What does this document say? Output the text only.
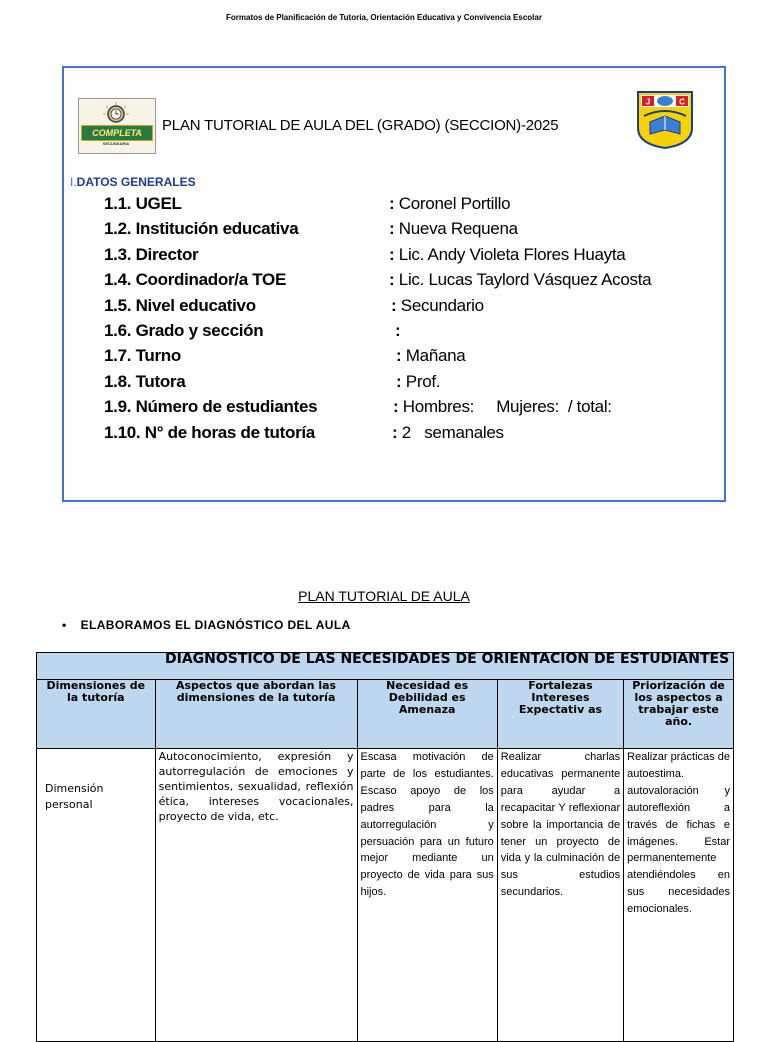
Formatos de Planificación de Tutoría, Orientación Educativa y Convivencia Escolar
COMPLETA
SECUNDARIA
PLAN TUTORIAL DE AULA DEL (GRADO) (SECCION)-2025
J	C
I.DATOS GENERALES
1.1. UGEL	: Coronel Portillo
1.2. Institución educativa	: Nueva Requena
1.3. Director	: Lic. Andy Violeta Flores Huayta
1.4. Coordinador/a TOE	: Lic. Lucas Taylord Vásquez Acosta
1.5. Nivel educativo	: Secundario
1.6. Grado y sección	:
1.7. Turno	: Mañana
1.8. Tutora	: Prof.
1.9. Número de estudiantes	: Hombres:     Mujeres:  / total:
1.10. N° de horas de tutoría	: 2   semanales
PLAN TUTORIAL DE AULA
• ELABORAMOS EL DIAGNÓSTICO DEL AULA
DIAGNOSTICO DE LAS NECESIDADES DE ORIENTACION DE ESTUDIANTES				

Dimensiones de la tutoría	Aspectos que abordan las dimensiones de la tutoría	Necesidad es Debilidad es Amenaza	Fortalezas Intereses Expectativ as	Priorización de los aspectos a trabajar este año.

Dimensión personal	Autoconocimiento, expresión y autorregulación de emociones y sentimientos, sexualidad, reflexión ética, intereses vocacionales, proyecto de vida, etc.	Escasa motivación de parte de los estudiantes. Escaso apoyo de los padres para la autorregulación y persuación para un futuro mejor mediante un proyecto de vida para sus hijos.	Realizar charlas educativas permanente para ayudar a recapacitar Y reflexionar sobre la importancia de tener un proyecto de vida y la culminación de sus estudios secundarios.	Realizar prácticas de autoestima. autovaloración y autoreflexión a través de fichas e imágenes. Estar permanentemente atendiéndoles en sus necesidades emocionales.
